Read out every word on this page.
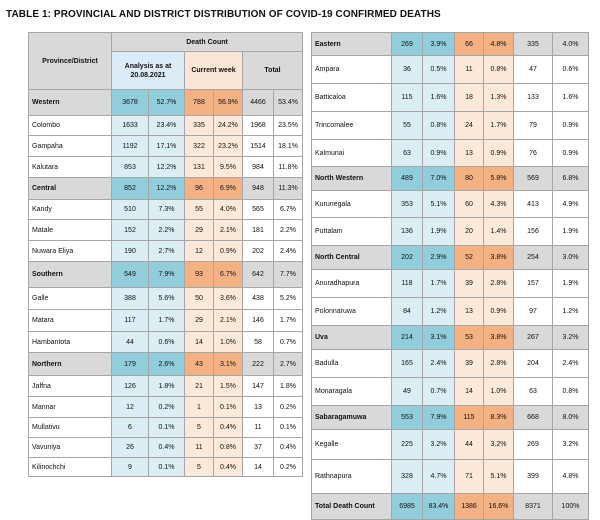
TABLE 1: PROVINCIAL AND DISTRICT DISTRIBUTION OF COVID-19 CONFIRMED DEATHS
Province/District	Death Count					
	Analysis as at 20.08.2021		Current week		Total	
Western	3678	52.7%	788	56.9%	4466	53.4%
Colombo	1633	23.4%	335	24.2%	1968	23.5%
Gampaha	1192	17.1%	322	23.2%	1514	18.1%
Kalutara	853	12.2%	131	9.5%	984	11.8%
Central	852	12.2%	96	6.9%	948	11.3%
Kandy	510	7.3%	55	4.0%	565	6.7%
Matale	152	2.2%	29	2.1%	181	2.2%
Nuwara Eliya	190	2.7%	12	0.9%	202	2.4%
Southern	549	7.9%	93	6.7%	642	7.7%
Galle	388	5.6%	50	3.6%	438	5.2%
Matara	117	1.7%	29	2.1%	146	1.7%
Hambantota	44	0.6%	14	1.0%	58	0.7%
Northern	179	2.6%	43	3.1%	222	2.7%
Jaffna	126	1.8%	21	1.5%	147	1.8%
Mannar	12	0.2%	1	0.1%	13	0.2%
Mullativu	6	0.1%	5	0.4%	11	0.1%
Vavuniya	26	0.4%	11	0.8%	37	0.4%
Kilinochchi	9	0.1%	5	0.4%	14	0.2%
Eastern	269	3.9%	66	4.8%	335	4.0%
Ampara	36	0.5%	11	0.8%	47	0.6%
Batticaloa	115	1.6%	18	1.3%	133	1.6%
Trincomalee	55	0.8%	24	1.7%	79	0.9%
Kalmunai	63	0.9%	13	0.9%	76	0.9%
North Western	489	7.0%	80	5.8%	569	6.8%
Kurunegala	353	5.1%	60	4.3%	413	4.9%
Puttalam	136	1.9%	20	1.4%	156	1.9%
North Central	202	2.9%	52	3.8%	254	3.0%
Anuradhapura	118	1.7%	39	2.8%	157	1.9%
Polonnaruwa	84	1.2%	13	0.9%	97	1.2%
Uva	214	3.1%	53	3.8%	267	3.2%
Badulla	165	2.4%	39	2.8%	204	2.4%
Monaragala	49	0.7%	14	1.0%	63	0.8%
Sabaragamuwa	553	7.9%	115	8.3%	668	8.0%
Kegalle	225	3.2%	44	3.2%	269	3.2%
Rathnapura	328	4.7%	71	5.1%	399	4.8%
Total Death Count	6985	83.4%	1386	16.6%	8371	100%
